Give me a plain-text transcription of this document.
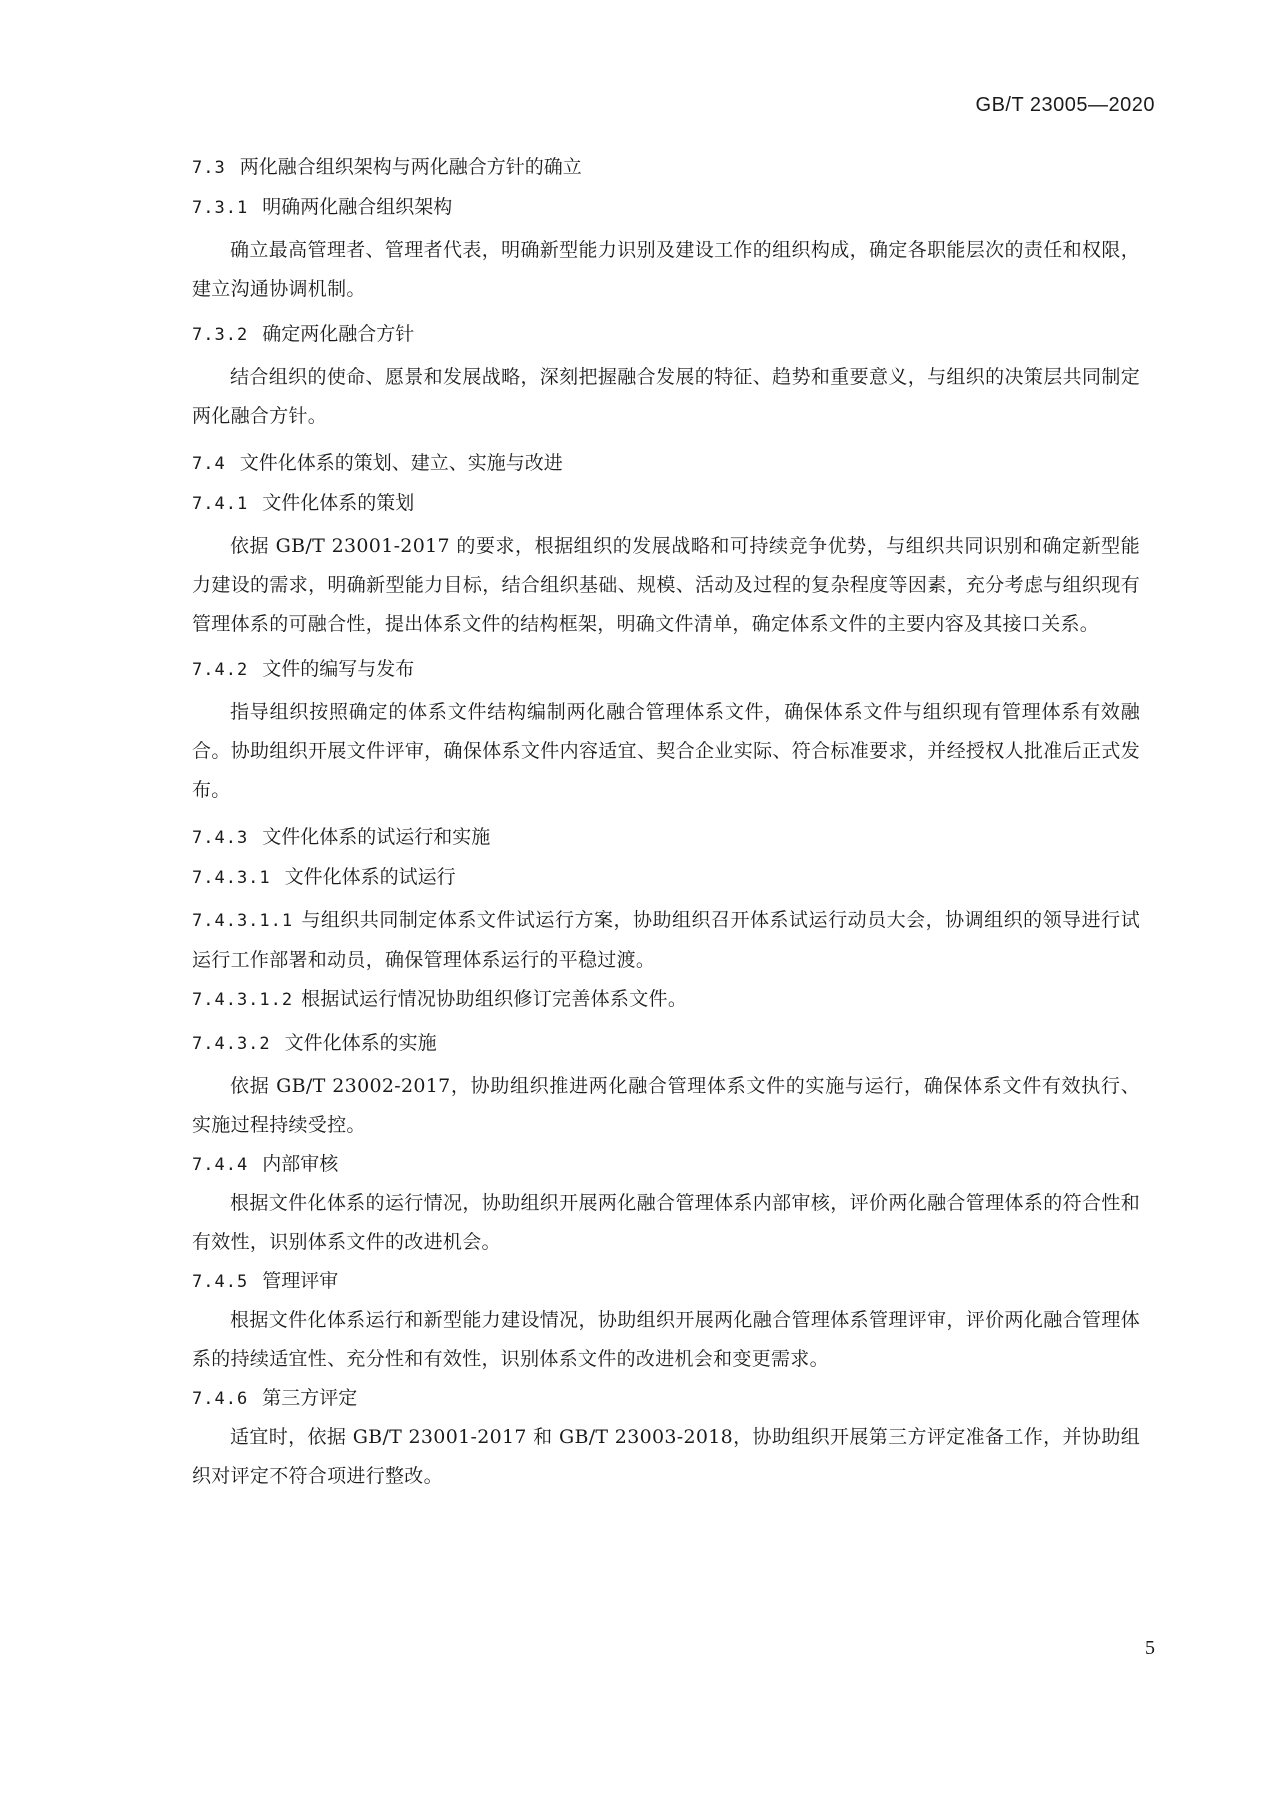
GB/T 23005—2020
7.3 两化融合组织架构与两化融合方针的确立
7.3.1 明确两化融合组织架构

确立最高管理者、管理者代表，明确新型能力识别及建设工作的组织构成，确定各职能层次的责任和权限，建立沟通协调机制。

7.3.2 确定两化融合方针

结合组织的使命、愿景和发展战略，深刻把握融合发展的特征、趋势和重要意义，与组织的决策层共同制定两化融合方针。

7.4 文件化体系的策划、建立、实施与改进
7.4.1 文件化体系的策划

依据 GB/T 23001-2017 的要求，根据组织的发展战略和可持续竞争优势，与组织共同识别和确定新型能力建设的需求，明确新型能力目标，结合组织基础、规模、活动及过程的复杂程度等因素，充分考虑与组织现有管理体系的可融合性，提出体系文件的结构框架，明确文件清单，确定体系文件的主要内容及其接口关系。

7.4.2 文件的编写与发布

指导组织按照确定的体系文件结构编制两化融合管理体系文件，确保体系文件与组织现有管理体系有效融合。协助组织开展文件评审，确保体系文件内容适宜、契合企业实际、符合标准要求，并经授权人批准后正式发布。

7.4.3 文件化体系的试运行和实施
7.4.3.1 文件化体系的试运行

7.4.3.1.1 与组织共同制定体系文件试运行方案，协助组织召开体系试运行动员大会，协调组织的领导进行试运行工作部署和动员，确保管理体系运行的平稳过渡。

7.4.3.1.2 根据试运行情况协助组织修订完善体系文件。

7.4.3.2 文件化体系的实施

依据 GB/T 23002-2017，协助组织推进两化融合管理体系文件的实施与运行，确保体系文件有效执行、实施过程持续受控。

7.4.4 内部审核

根据文件化体系的运行情况，协助组织开展两化融合管理体系内部审核，评价两化融合管理体系的符合性和有效性，识别体系文件的改进机会。

7.4.5 管理评审

根据文件化体系运行和新型能力建设情况，协助组织开展两化融合管理体系管理评审，评价两化融合管理体系的持续适宜性、充分性和有效性，识别体系文件的改进机会和变更需求。

7.4.6 第三方评定

适宜时，依据 GB/T 23001-2017 和 GB/T 23003-2018，协助组织开展第三方评定准备工作，并协助组织对评定不符合项进行整改。

5
